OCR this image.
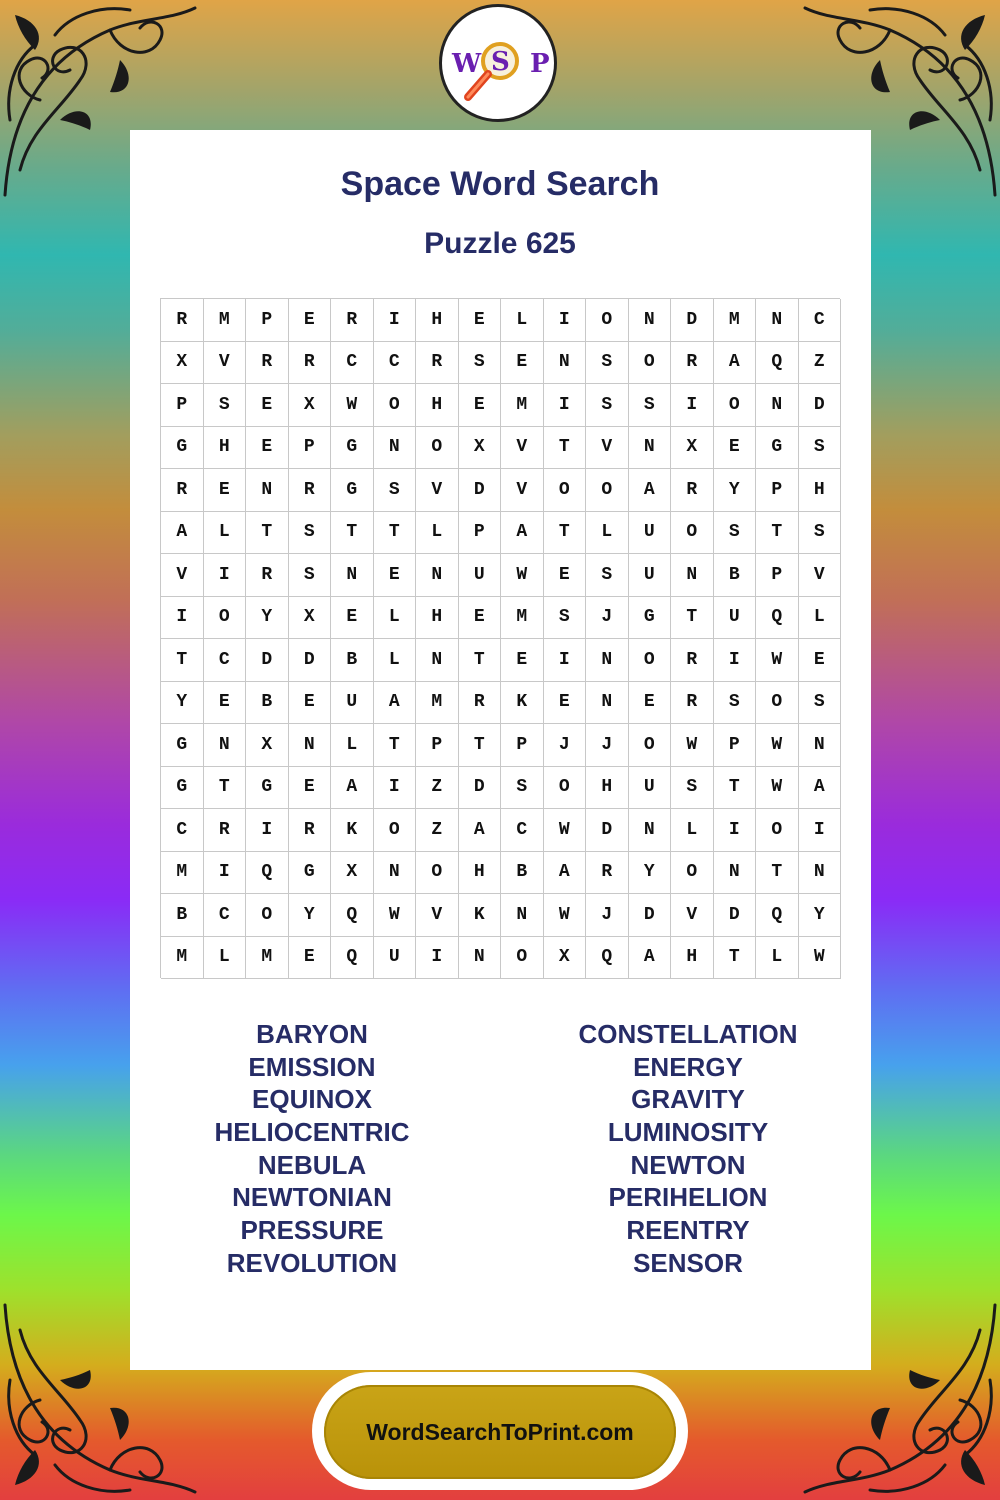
W S P
Space Word Search
Puzzle 625
R	M	P	E	R	I	H	E	L	I	O	N	D	M	N	C
X	V	R	R	C	C	R	S	E	N	S	O	R	A	Q	Z
P	S	E	X	W	O	H	E	M	I	S	S	I	O	N	D
G	H	E	P	G	N	O	X	V	T	V	N	X	E	G	S
R	E	N	R	G	S	V	D	V	O	O	A	R	Y	P	H
A	L	T	S	T	T	L	P	A	T	L	U	O	S	T	S
V	I	R	S	N	E	N	U	W	E	S	U	N	B	P	V
I	O	Y	X	E	L	H	E	M	S	J	G	T	U	Q	L
T	C	D	D	B	L	N	T	E	I	N	O	R	I	W	E
Y	E	B	E	U	A	M	R	K	E	N	E	R	S	O	S
G	N	X	N	L	T	P	T	P	J	J	O	W	P	W	N
G	T	G	E	A	I	Z	D	S	O	H	U	S	T	W	A
C	R	I	R	K	O	Z	A	C	W	D	N	L	I	O	I
M	I	Q	G	X	N	O	H	B	A	R	Y	O	N	T	N
B	C	O	Y	Q	W	V	K	N	W	J	D	V	D	Q	Y
M	L	M	E	Q	U	I	N	O	X	Q	A	H	T	L	W
BARYON
EMISSION
EQUINOX
HELIOCENTRIC
NEBULA
NEWTONIAN
PRESSURE
REVOLUTION
CONSTELLATION
ENERGY
GRAVITY
LUMINOSITY
NEWTON
PERIHELION
REENTRY
SENSOR
WordSearchToPrint.com
